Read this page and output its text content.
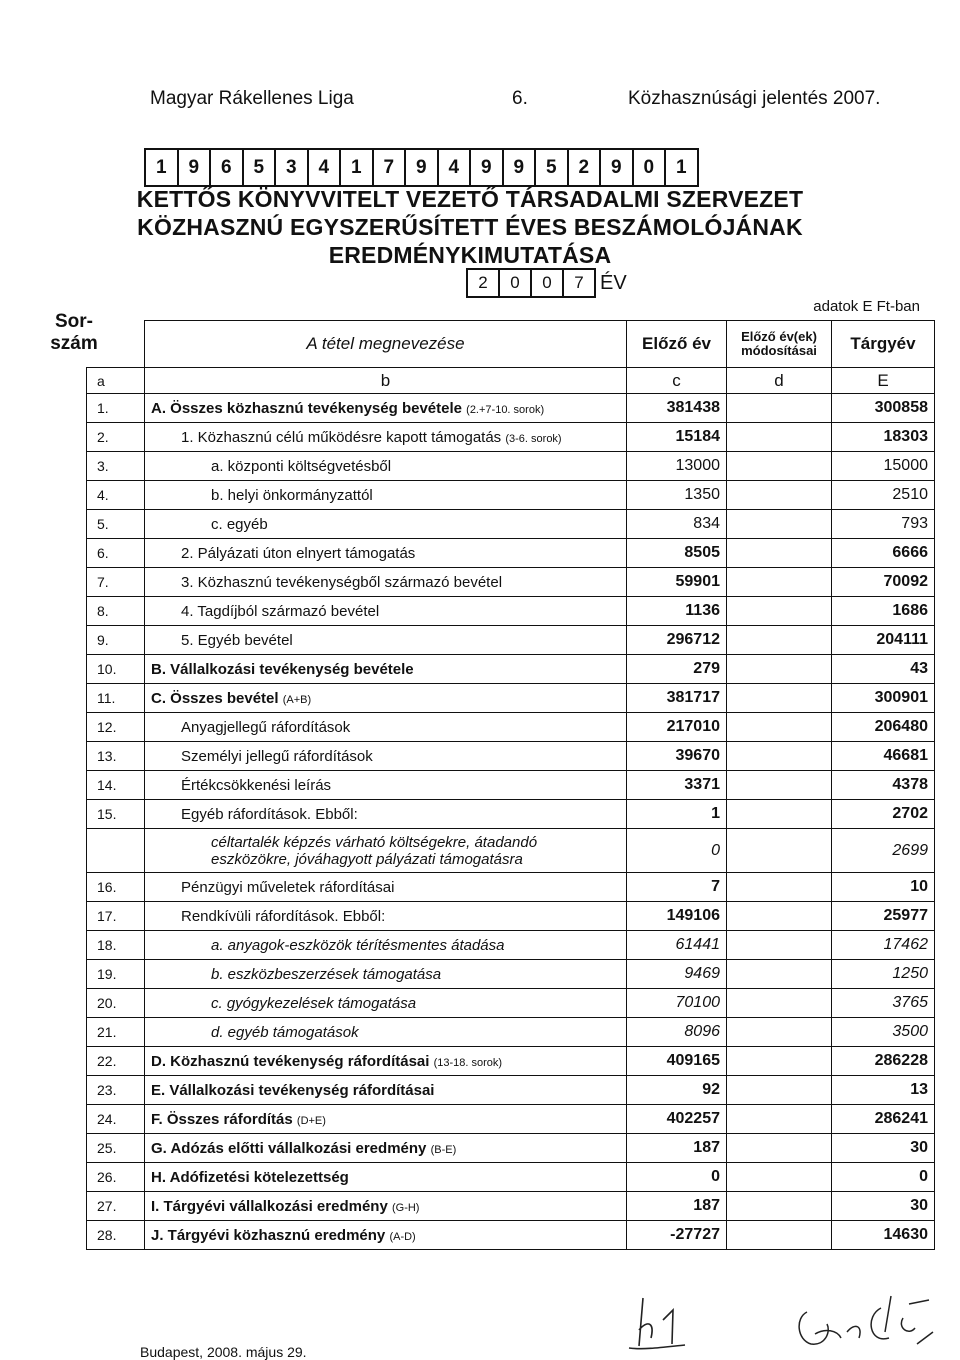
Magyar Rákellenes Liga	6.	Közhasznúsági jelentés 2007.
1	9	6	5	3	4	1	7	9	4	9	9	5	2	9	0	1
KETTŐS KÖNYVVITELT VEZETŐ TÁRSADALMI SZERVEZET
KÖZHASZNÚ EGYSZERŰSÍTETT ÉVES BESZÁMOLÓJÁNAK
EREDMÉNYKIMUTATÁSA
2	0	0	7 ÉV
adatok E Ft-ban
	A tétel megnevezése	Előző év	Előző év(ek) módosításai	Tárgyév
a	b	c	d	E
1.	A. Összes közhasznú tevékenység bevétele (2.+7-10. sorok)	381438		300858
2.	1. Közhasznú célú működésre kapott támogatás (3-6. sorok)	15184		18303
3.	a. központi költségvetésből	13000		15000
4.	b. helyi önkormányzattól	1350		2510
5.	c. egyéb	834		793
6.	2. Pályázati úton elnyert támogatás	8505		6666
7.	3. Közhasznú tevékenységből származó bevétel	59901		70092
8.	4. Tagdíjból származó bevétel	1136		1686
9.	5. Egyéb bevétel	296712		204111
10.	B. Vállalkozási tevékenység bevétele	279		43
11.	C. Összes bevétel (A+B)	381717		300901
12.	Anyagjellegű ráfordítások	217010		206480
13.	Személyi jellegű ráfordítások	39670		46681
14.	Értékcsökkenési leírás	3371		4378
15.	Egyéb ráfordítások. Ebből:	1		2702
	céltartalék képzés várható költségekre, átadandó
eszközökre, jóváhagyott pályázati támogatásra	0		2699
16.	Pénzügyi műveletek ráfordításai	7		10
17.	Rendkívüli ráfordítások. Ebből:	149106		25977
18.	a. anyagok-eszközök térítésmentes átadása	61441		17462
19.	b. eszközbeszerzések támogatása	9469		1250
20.	c. gyógykezelések támogatása	70100		3765
21.	d. egyéb támogatások	8096		3500
22.	D. Közhasznú tevékenység ráfordításai (13-18. sorok)	409165		286228
23.	E. Vállalkozási tevékenység ráfordításai	92		13
24.	F. Összes ráfordítás (D+E)	402257		286241
25.	G. Adózás előtti vállalkozási eredmény (B-E)	187		30
26.	H. Adófizetési kötelezettség	0		0
27.	I. Tárgyévi vállalkozási eredmény (G-H)	187		30
28.	J. Tárgyévi közhasznú eredmény (A-D)	-27727		14630
Sor-
szám
Budapest, 2008. május 29.
